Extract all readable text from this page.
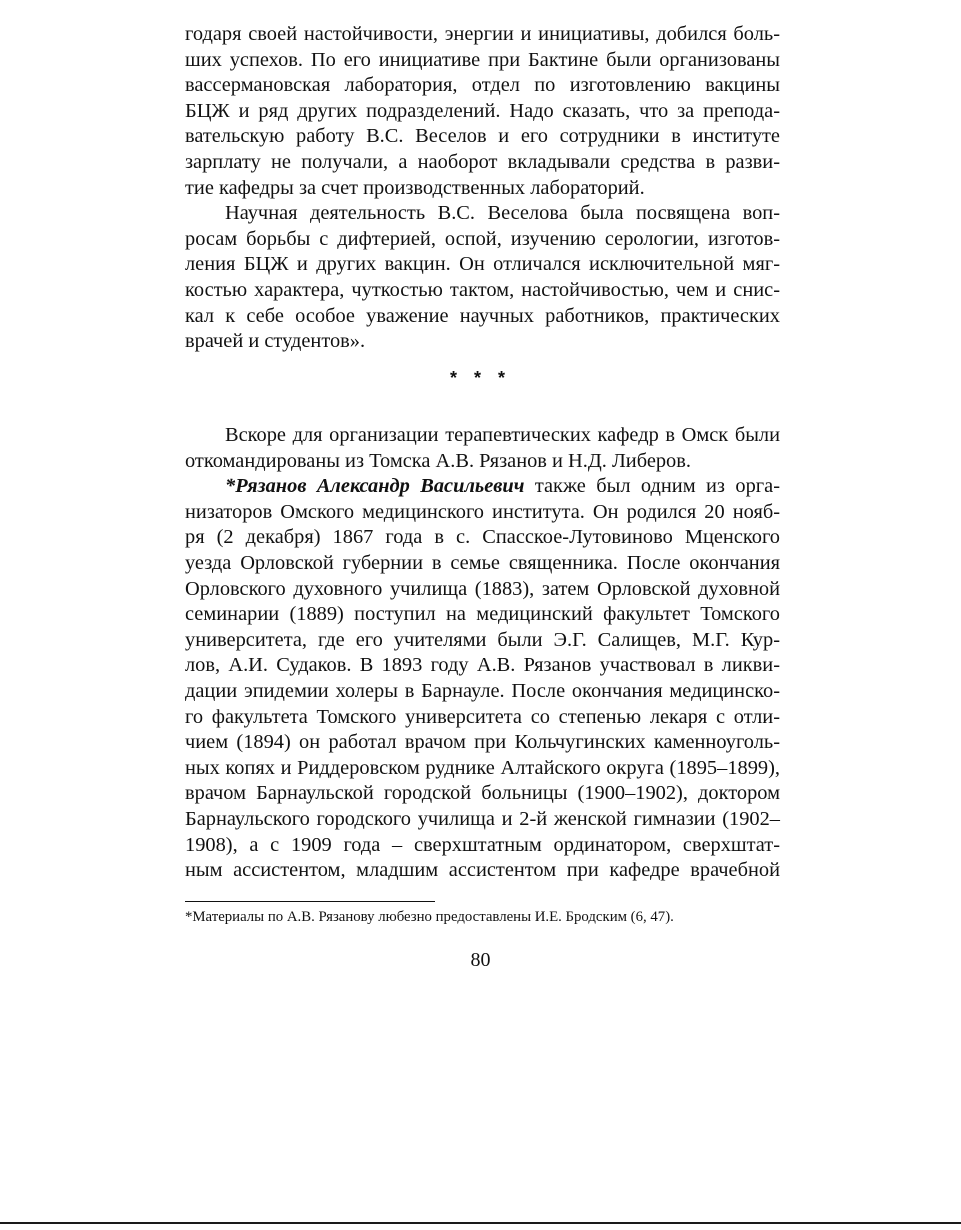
годаря своей настойчивости, энергии и инициативы, добился боль-

ших успехов. По его инициативе при Бактине были организованы

вассермановская лаборатория, отдел по изготовлению вакцины

БЦЖ и ряд других подразделений. Надо сказать, что за препода-

вательскую работу В.С. Веселов и его сотрудники в институте

зарплату не получали, а наоборот вкладывали средства в разви-

тие кафедры за счет производственных лабораторий.

Научная деятельность В.С. Веселова была посвящена воп-

росам борьбы с дифтерией, оспой, изучению серологии, изготов-

ления БЦЖ и других вакцин. Он отличался исключительной мяг-

костью характера, чуткостью тактом, настойчивостью, чем и снис-

кал к себе особое уважение научных работников, практических

врачей и студентов».

* * *

Вскоре для организации терапевтических кафедр в Омск были

откомандированы из Томска А.В. Рязанов и Н.Д. Либеров.

*Рязанов Александр Васильевич также был одним из орга-

низаторов Омского медицинского института. Он родился 20 нояб-

ря (2 декабря) 1867 года в с. Спасское-Лутовиново Мценского

уезда Орловской губернии в семье священника. После окончания

Орловского духовного училища (1883), затем Орловской духовной

семинарии (1889) поступил на медицинский факультет Томского

университета, где его учителями были Э.Г. Салищев, М.Г. Кур-

лов, А.И. Судаков. В 1893 году А.В. Рязанов участвовал в ликви-

дации эпидемии холеры в Барнауле. После окончания медицинско-

го факультета Томского университета со степенью лекаря с отли-

чием (1894) он работал врачом при Кольчугинских каменноуголь-

ных копях и Риддеровском руднике Алтайского округа (1895–1899),

врачом Барнаульской городской больницы (1900–1902), доктором

Барнаульского городского училища и 2-й женской гимназии (1902–

1908), а с 1909 года – сверхштатным ординатором, сверхштат-

ным ассистентом, младшим ассистентом при кафедре врачебной

*Материалы по А.В. Рязанову любезно предоставлены И.Е. Бродским (6, 47).
80
